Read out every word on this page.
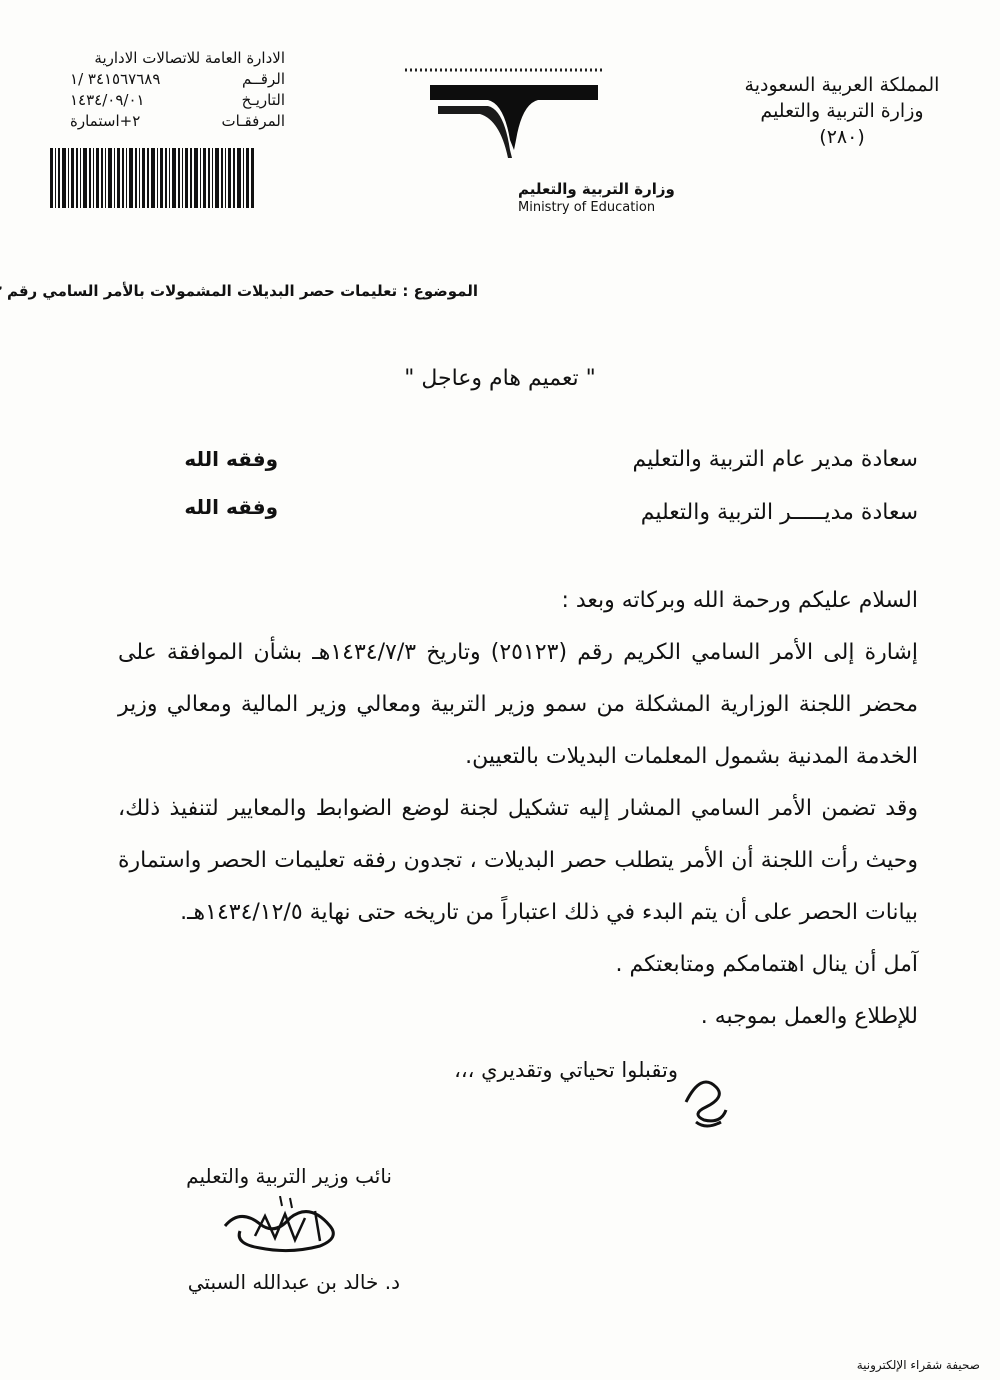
المملكة العربية السعودية
وزارة التربية والتعليم
(٢٨٠)
وزارة التربية والتعليم
Ministry of Education
الادارة العامة للاتصالات الادارية
الرقــم
٣٤١٥٦٧٦٨٩ /١
التاريـخ
١٤٣٤/٠٩/٠١
المرفقـات
٢+استمارة
الموضوع : تعليمات حصر البديلات المشمولات بالأمر السامي رقم
" تعميم هام وعاجل "
سعادة مدير عام التربية والتعليم
وفقه الله
سعادة مديـــــر التربية والتعليم
وفقه الله

السلام عليكم ورحمة الله وبركاته وبعد :

إشارة إلى الأمر السامي الكريم رقم (٢٥١٢٣) وتاريخ ١٤٣٤/٧/٣هـ بشأن الموافقة على محضر اللجنة الوزارية المشكلة من سمو وزير التربية ومعالي وزير المالية ومعالي وزير الخدمة المدنية بشمول المعلمات البديلات بالتعيين.

وقد تضمن الأمر السامي المشار إليه تشكيل لجنة لوضع الضوابط والمعايير لتنفيذ ذلك، وحيث رأت اللجنة أن الأمر يتطلب حصر البديلات ، تجدون رفقه تعليمات الحصر واستمارة بيانات الحصر على أن يتم البدء في ذلك اعتباراً من تاريخه حتى نهاية ١٤٣٤/١٢/٥هـ.

آمل أن ينال اهتمامكم ومتابعتكم .

للإطلاع والعمل بموجبه .

وتقبلوا تحياتي وتقديري ،،،
نائب وزير التربية والتعليم
د. خالد بن عبدالله السبتي
صحيفة شقراء الإلكترونية
